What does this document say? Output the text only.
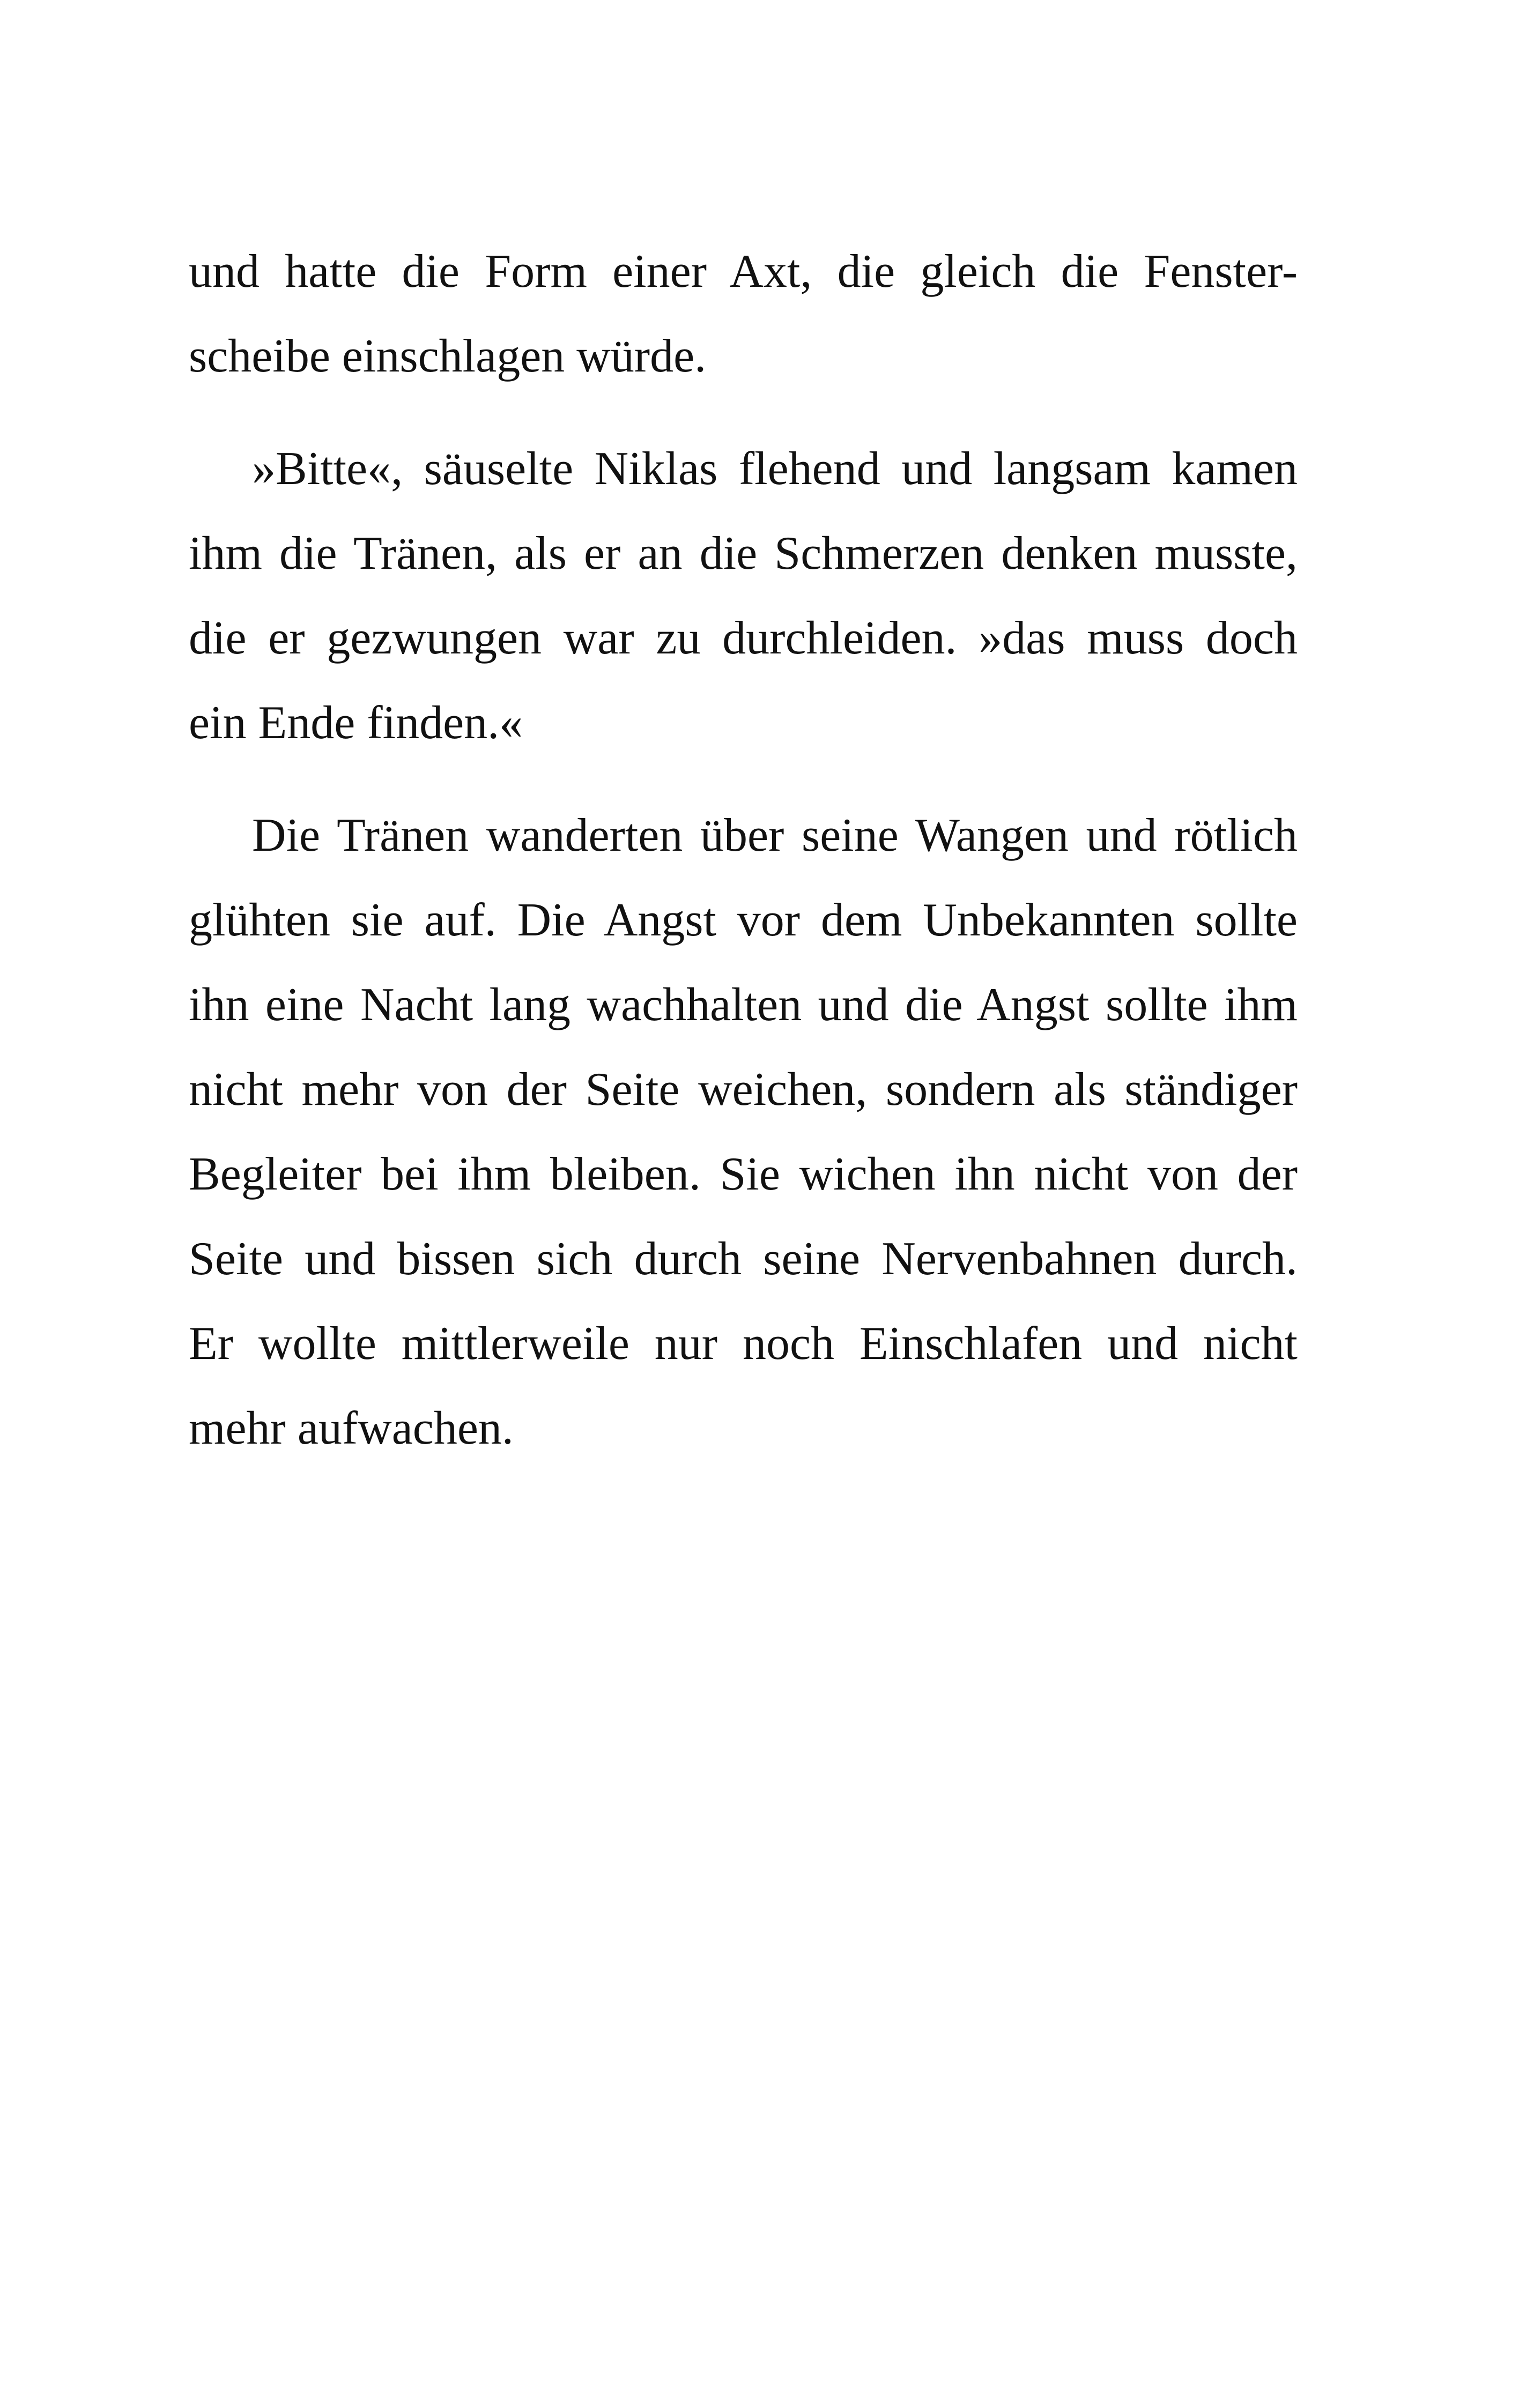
und hatte die Form einer Axt, die gleich die Fenster-
scheibe einschlagen würde.
»Bitte«, säuselte Niklas flehend und langsam kamen
ihm die Tränen, als er an die Schmerzen denken musste,
die er gezwungen war zu durchleiden. »das muss doch
ein Ende finden.«
Die Tränen wanderten über seine Wangen und rötlich
glühten sie auf. Die Angst vor dem Unbekannten sollte
ihn eine Nacht lang wachhalten und die Angst sollte ihm
nicht mehr von der Seite weichen, sondern als ständiger
Begleiter bei ihm bleiben. Sie wichen ihn nicht von der
Seite und bissen sich durch seine Nervenbahnen durch.
Er wollte mittlerweile nur noch Einschlafen und nicht
mehr aufwachen.
